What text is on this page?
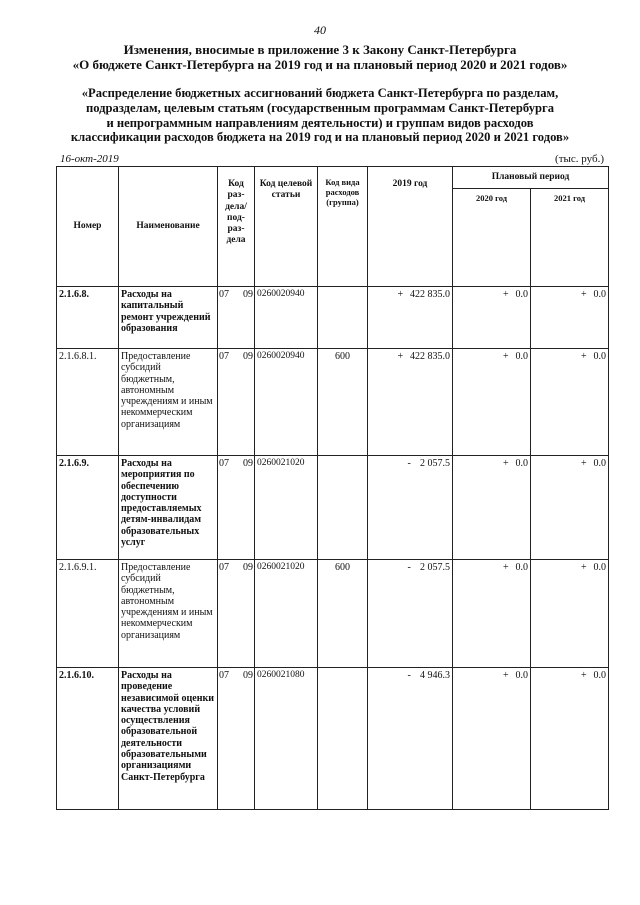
40
Изменения, вносимые в приложение 3 к Закону Санкт-Петербурга
«О бюджете Санкт-Петербурга на 2019 год и на плановый период 2020 и 2021 годов»
«Распределение бюджетных ассигнований бюджета Санкт-Петербурга по разделам,
подразделам, целевым статьям (государственным программам Санкт-Петербурга
и непрограммным направлениям деятельности) и группам видов расходов
классификации расходов бюджета на 2019 год и на плановый период 2020 и 2021 годов»
16-окт-2019	(тыс. руб.)
Номер	Наименование	Код раз-дела/ под-раз-дела	Код целевой статьи	Код вида расходов (группа)	2019 год	Плановый период	
						2020 год	2021 год
2.1.6.8.	Расходы на капитальный ремонт учреждений образования	07 09	0260020940		+ 422 835.0	+ 0.0	+ 0.0
2.1.6.8.1.	Предоставление субсидий бюджетным, автономным учреждениям и иным некоммерческим организациям	07 09	0260020940	600	+ 422 835.0	+ 0.0	+ 0.0
2.1.6.9.	Расходы на мероприятия по обеспечению доступности предоставляемых детям-инвалидам образовательных услуг	07 09	0260021020		- 2 057.5	+ 0.0	+ 0.0
2.1.6.9.1.	Предоставление субсидий бюджетным, автономным учреждениям и иным некоммерческим организациям	07 09	0260021020	600	- 2 057.5	+ 0.0	+ 0.0
2.1.6.10.	Расходы на проведение независимой оценки качества условий осуществления образовательной деятельности образовательными организациями Санкт-Петербурга	07 09	0260021080		- 4 946.3	+ 0.0	+ 0.0
